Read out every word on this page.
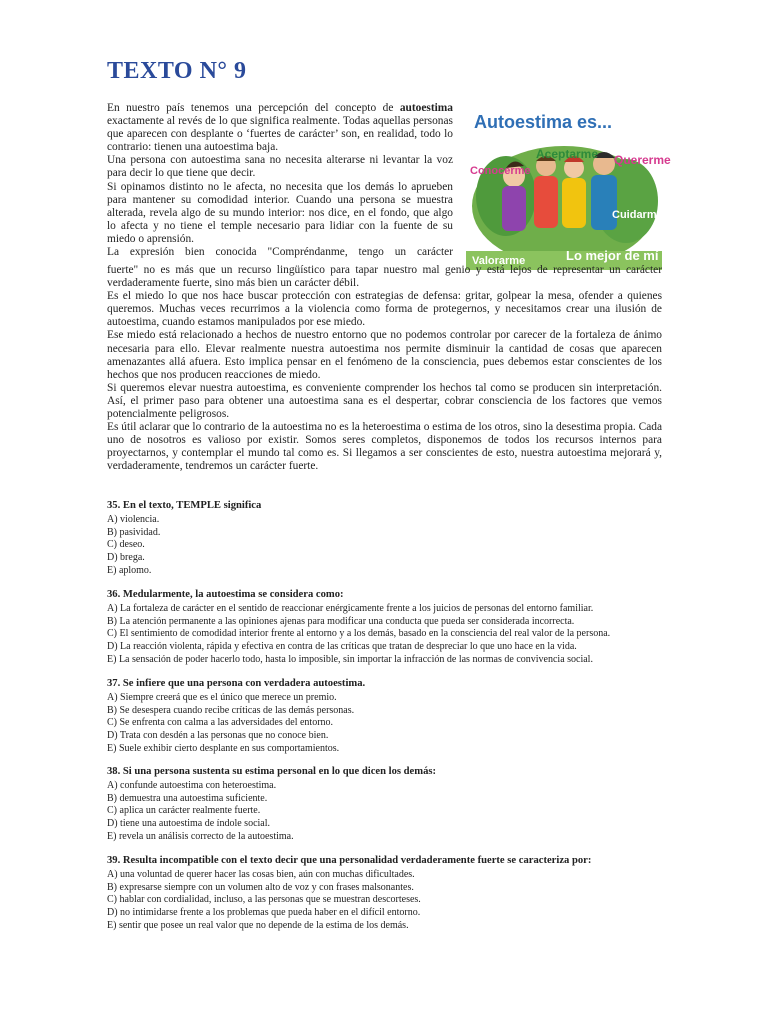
TEXTO N° 9

En nuestro país tenemos una percepción del concepto de autoestima exactamente al revés de lo que significa realmente. Todas aquellas personas que aparecen con desplante o ‘fuertes de carácter’ son, en realidad, todo lo contrario: tienen una autoestima baja.

Una persona con autoestima sana no necesita alterarse ni levantar la voz para decir lo que tiene que decir.

Si opinamos distinto no le afecta, no necesita que los demás lo aprueben para mantener su comodidad interior. Cuando una persona se muestra alterada, revela algo de su mundo interior: nos dice, en el fondo, que algo lo afecta y no tiene el temple necesario para lidiar con la fuente de su miedo o aprensión.

La expresión bien conocida "Compréndanme, tengo un carácter

Autoestima es...
Aceptarme
Conocerme
Quererme
Cuidarme
Valorarme	Lo mejor de mí

fuerte" no es más que un recurso lingüístico para tapar nuestro mal genio y está lejos de representar un carácter verdaderamente fuerte, sino más bien un carácter débil.

Es el miedo lo que nos hace buscar protección con estrategias de defensa: gritar, golpear la mesa, ofender a quienes queremos. Muchas veces recurrimos a la violencia como forma de protegernos, y necesitamos crear una ilusión de autoestima, cuando estamos manipulados por ese miedo.

Ese miedo está relacionado a hechos de nuestro entorno que no podemos controlar por carecer de la fortaleza de ánimo necesaria para ello. Elevar realmente nuestra autoestima nos permite disminuir la cantidad de cosas que aparecen amenazantes allá afuera. Esto implica pensar en el fenómeno de la consciencia, pues debemos estar conscientes de los hechos que nos producen reacciones de miedo.

Si queremos elevar nuestra autoestima, es conveniente comprender los hechos tal como se producen sin interpretación. Así, el primer paso para obtener una autoestima sana es el despertar, cobrar consciencia de los factores que vemos potencialmente peligrosos.

Es útil aclarar que lo contrario de la autoestima no es la heteroestima o estima de los otros, sino la desestima propia. Cada uno de nosotros es valioso por existir. Somos seres completos, disponemos de todos los recursos internos para proyectarnos, y contemplar el mundo tal como es. Si llegamos a ser conscientes de esto, nuestra autoestima mejorará y, verdaderamente, tendremos un carácter fuerte.

35. En el texto, TEMPLE significa

A) violencia.

B) pasividad.

C) deseo.

D) brega.

E) aplomo.

36. Medularmente, la autoestima se considera como:

A) La fortaleza de carácter en el sentido de reaccionar enérgicamente frente a los juicios de personas del entorno familiar.

B) La atención permanente a las opiniones ajenas para modificar una conducta que pueda ser considerada incorrecta.

C) El sentimiento de comodidad interior frente al entorno y a los demás, basado en la consciencia del real valor de la persona.

D) La reacción violenta, rápida y efectiva en contra de las críticas que tratan de despreciar lo que uno hace en la vida.

E) La sensación de poder hacerlo todo, hasta lo imposible, sin importar la infracción de las normas de convivencia social.

37. Se infiere que una persona con verdadera autoestima.

A) Siempre creerá que es el único que merece un premio.

B) Se desespera cuando recibe críticas de las demás personas.

C) Se enfrenta con calma a las adversidades del entorno.

D) Trata con desdén a las personas que no conoce bien.

E) Suele exhibir cierto desplante en sus comportamientos.

38. Si una persona sustenta su estima personal en lo que dicen los demás:

A) confunde autoestima con heteroestima.

B) demuestra una autoestima suficiente.

C) aplica un carácter realmente fuerte.

D) tiene una autoestima de índole social.

E) revela un análisis correcto de la autoestima.

39. Resulta incompatible con el texto decir que una personalidad verdaderamente fuerte se caracteriza por:

A) una voluntad de querer hacer las cosas bien, aún con muchas dificultades.

B) expresarse siempre con un volumen alto de voz y con frases malsonantes.

C) hablar con cordialidad, incluso, a las personas que se muestran descorteses.

D) no intimidarse frente a los problemas que pueda haber en el difícil entorno.

E) sentir que posee un real valor que no depende de la estima de los demás.
